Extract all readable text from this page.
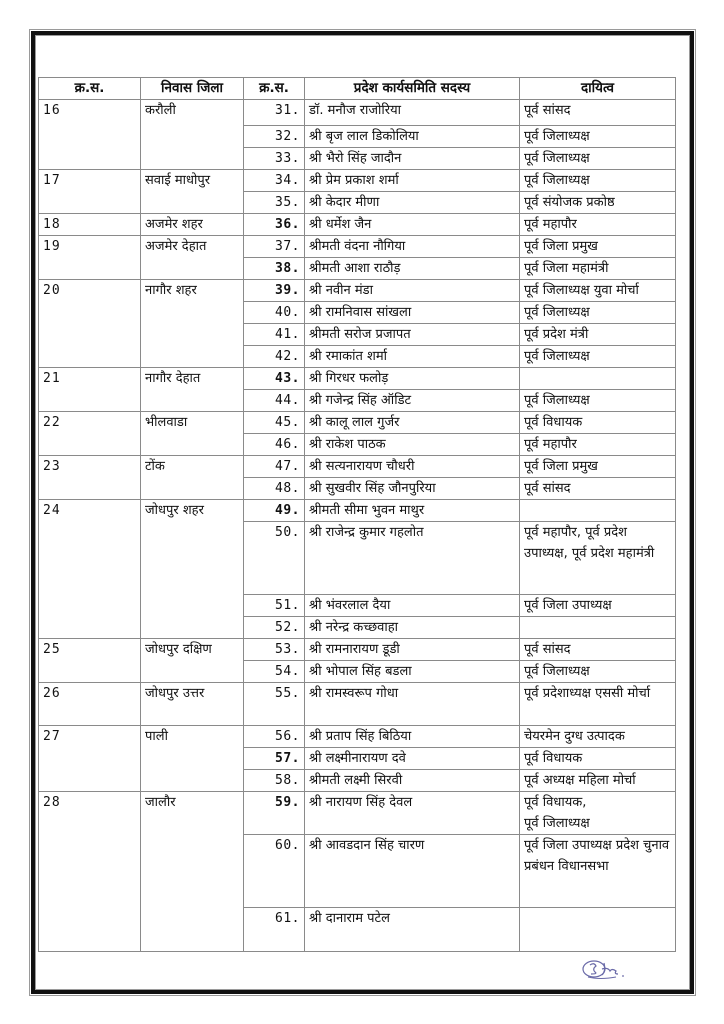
क्र.स.	निवास जिला	क्र.स.	प्रदेश कार्यसमिति सदस्य	दायित्व
16	करौली	31.	डॉ. मनौज राजोरिया	पूर्व सांसद
		32.	श्री बृज लाल डिकोलिया	पूर्व जिलाध्यक्ष
		33.	श्री भैरो सिंह जादौन	पूर्व जिलाध्यक्ष
17	सवाई माधोपुर	34.	श्री प्रेम प्रकाश शर्मा	पूर्व जिलाध्यक्ष
		35.	श्री केदार मीणा	पूर्व संयोजक प्रकोष्ठ
18	अजमेर शहर	36.	श्री धर्मेश जैन	पूर्व महापौर
19	अजमेर देहात	37.	श्रीमती वंदना नौगिया	पूर्व जिला प्रमुख
		38.	श्रीमती आशा राठौड़	पूर्व जिला महामंत्री
20	नागौर शहर	39.	श्री नवीन मंडा	पूर्व जिलाध्यक्ष युवा मोर्चा
		40.	श्री रामनिवास सांखला	पूर्व जिलाध्यक्ष
		41.	श्रीमती सरोज प्रजापत	पूर्व प्रदेश मंत्री
		42.	श्री रमाकांत शर्मा	पूर्व जिलाध्यक्ष
21	नागौर देहात	43.	श्री गिरधर फलोड़	
		44.	श्री गजेन्द्र सिंह ऑडिट	पूर्व जिलाध्यक्ष
22	भीलवाडा	45.	श्री कालू लाल गुर्जर	पूर्व विधायक
		46.	श्री राकेश पाठक	पूर्व महापौर
23	टोंक	47.	श्री सत्यनारायण चौधरी	पूर्व जिला प्रमुख
		48.	श्री सुखवीर सिंह जौनपुरिया	पूर्व सांसद
24	जोधपुर शहर	49.	श्रीमती सीमा भुवन माथुर	
		50.	श्री राजेन्द्र कुमार गहलोत	पूर्व महापौर, पूर्व प्रदेश उपाध्यक्ष, पूर्व प्रदेश महामंत्री
		51.	श्री भंवरलाल दैया	पूर्व जिला उपाध्यक्ष
		52.	श्री नरेन्द्र कच्छवाहा	
25	जोधपुर दक्षिण	53.	श्री रामनारायण डूडी	पूर्व सांसद
		54.	श्री भोपाल सिंह बडला	पूर्व जिलाध्यक्ष
26	जोधपुर उत्तर	55.	श्री रामस्वरूप गोधा	पूर्व प्रदेशाध्यक्ष एससी मोर्चा
27	पाली	56.	श्री प्रताप सिंह बिठिया	चेयरमेन दुग्ध उत्पादक
		57.	श्री लक्ष्मीनारायण दवे	पूर्व विधायक
		58.	श्रीमती लक्ष्मी सिरवी	पूर्व अध्यक्ष महिला मोर्चा
28	जालौर	59.	श्री नारायण सिंह देवल	पूर्व विधायक,
पूर्व जिलाध्यक्ष
		60.	श्री आवडदान सिंह चारण	पूर्व जिला उपाध्यक्ष प्रदेश चुनाव प्रबंधन विधानसभा
		61.	श्री दानाराम पटेल	
